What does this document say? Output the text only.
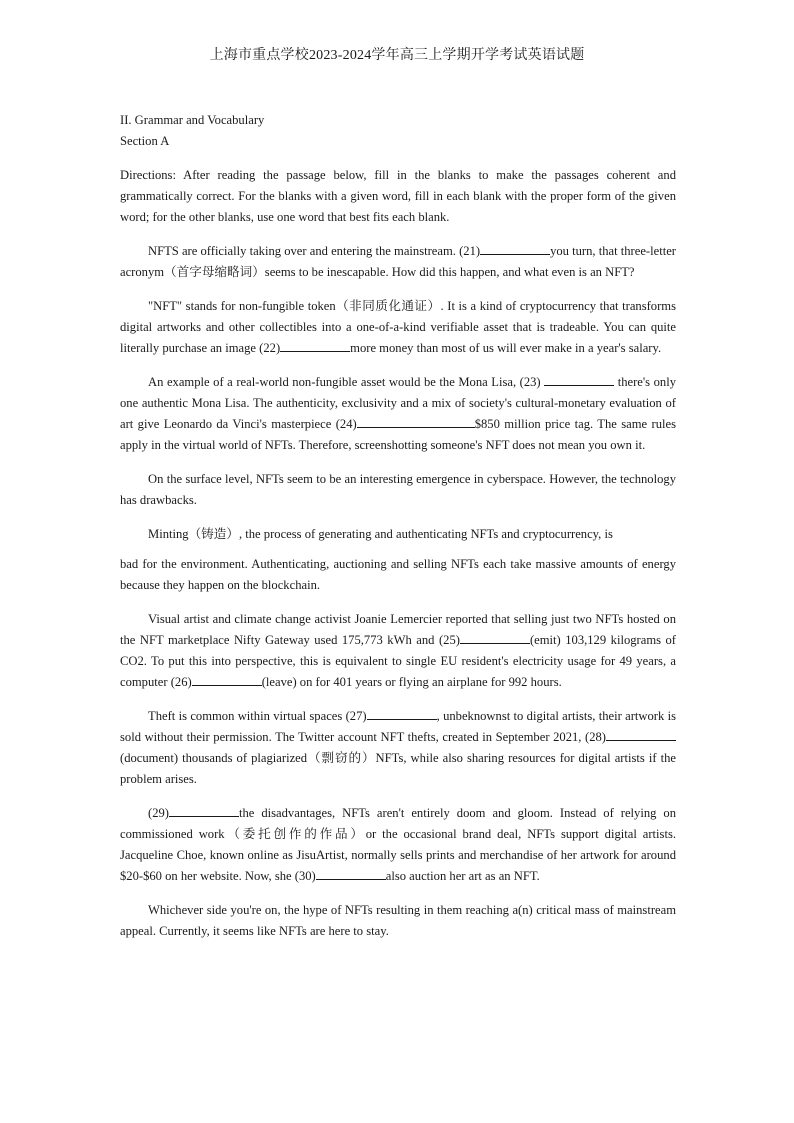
上海市重点学校2023-2024学年高三上学期开学考试英语试题
II. Grammar and Vocabulary
Section A

Directions: After reading the passage below, fill in the blanks to make the passages coherent and grammatically correct. For the blanks with a given word, fill in each blank with the proper form of the given word; for the other blanks, use one word that best fits each blank.

NFTS are officially taking over and entering the mainstream. (21)	you turn, that three-letter acronym（首字母缩略词）seems to be inescapable. How did this happen, and what even is an NFT?

"NFT" stands for non-fungible token（非同质化通证）. It is a kind of cryptocurrency that transforms digital artworks and other collectibles into a one-of-a-kind verifiable asset that is tradeable. You can quite literally purchase an image (22)	more money than most of us will ever make in a year's salary.

An example of a real-world non-fungible asset would be the Mona Lisa, (23)	there's only one authentic Mona Lisa. The authenticity, exclusivity and a mix of society's cultural-monetary evaluation of art give Leonardo da Vinci's masterpiece (24)	$850 million price tag. The same rules apply in the virtual world of NFTs. Therefore, screenshotting someone's NFT does not mean you own it.

On the surface level, NFTs seem to be an interesting emergence in cyberspace. However, the technology has drawbacks.

Minting（铸造）, the process of generating and authenticating NFTs and cryptocurrency, is

bad for the environment. Authenticating, auctioning and selling NFTs each take massive amounts of energy because they happen on the blockchain.

Visual artist and climate change activist Joanie Lemercier reported that selling just two NFTs hosted on the NFT marketplace Nifty Gateway used 175,773 kWh and (25)	(emit) 103,129 kilograms of CO2. To put this into perspective, this is equivalent to single EU resident's electricity usage for 49 years, a computer (26)	(leave) on for 401 years or flying an airplane for 992 hours.

Theft is common within virtual spaces (27)	, unbeknownst to digital artists, their artwork is sold without their permission. The Twitter account NFT thefts, created in September 2021, (28)(document) thousands of plagiarized（剽窃的）NFTs, while also sharing resources for digital artists if the problem arises.

(29)	the disadvantages, NFTs aren't entirely doom and gloom. Instead of relying on commissioned work（委托创作的作品）or the occasional brand deal, NFTs support digital artists. Jacqueline Choe, known online as JisuArtist, normally sells prints and merchandise of her artwork for around $20-$60 on her website. Now, she (30)	also auction her art as an NFT.

Whichever side you're on, the hype of NFTs resulting in them reaching a(n) critical mass of mainstream appeal. Currently, it seems like NFTs are here to stay.
